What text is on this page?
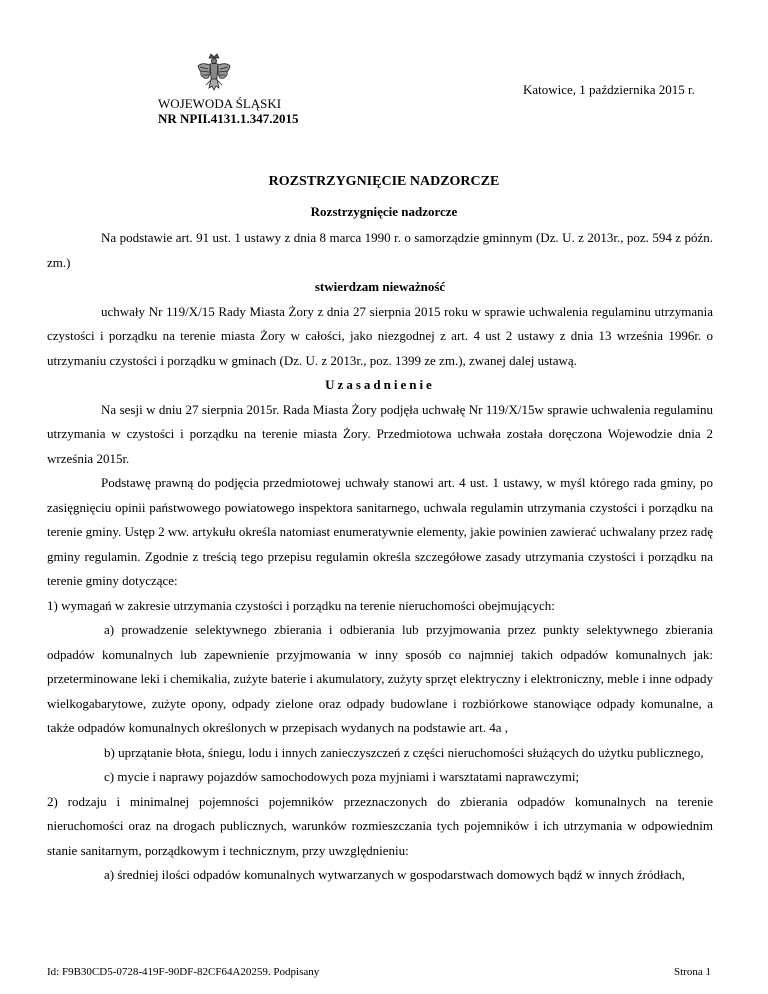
Katowice, 1 października 2015 r.
WOJEWODA ŚLĄSKI
NR NPII.4131.1.347.2015
ROZSTRZYGNIĘCIE NADZORCZE
Rozstrzygnięcie nadzorcze

Na podstawie art. 91 ust. 1 ustawy z dnia 8 marca 1990 r. o samorządzie gminnym (Dz. U. z 2013r., poz. 594 z późn. zm.)

stwierdzam nieważność

uchwały Nr 119/X/15 Rady Miasta Żory z dnia 27 sierpnia 2015 roku w sprawie uchwalenia regulaminu utrzymania czystości i porządku na terenie miasta Żory w całości, jako niezgodnej z art. 4 ust 2 ustawy z dnia 13 września 1996r. o utrzymaniu czystości i porządku w gminach (Dz. U. z 2013r., poz. 1399 ze zm.), zwanej dalej ustawą.

Uzasadnienie

Na sesji w dniu 27 sierpnia 2015r. Rada Miasta Żory podjęła uchwałę Nr 119/X/15w sprawie uchwalenia regulaminu utrzymania w czystości i porządku na terenie miasta Żory. Przedmiotowa uchwała została doręczona Wojewodzie dnia 2 września 2015r.

Podstawę prawną do podjęcia przedmiotowej uchwały stanowi art. 4 ust. 1 ustawy, w myśl którego rada gminy, po zasięgnięciu opinii państwowego powiatowego inspektora sanitarnego, uchwala regulamin utrzymania czystości i porządku na terenie gminy. Ustęp 2 ww. artykułu określa natomiast enumeratywnie elementy, jakie powinien zawierać uchwalany przez radę gminy regulamin. Zgodnie z treścią tego przepisu regulamin określa szczegółowe zasady utrzymania czystości i porządku na terenie gminy dotyczące:

1) wymagań w zakresie utrzymania czystości i porządku na terenie nieruchomości obejmujących:

a) prowadzenie selektywnego zbierania i odbierania lub przyjmowania przez punkty selektywnego zbierania odpadów komunalnych lub zapewnienie przyjmowania w inny sposób co najmniej takich odpadów komunalnych jak: przeterminowane leki i chemikalia, zużyte baterie i akumulatory, zużyty sprzęt elektryczny i elektroniczny, meble i inne odpady wielkogabarytowe, zużyte opony, odpady zielone oraz odpady budowlane i rozbiórkowe stanowiące odpady komunalne, a także odpadów komunalnych określonych w przepisach wydanych na podstawie art. 4a ,

b) uprzątanie błota, śniegu, lodu i innych zanieczyszczeń z części nieruchomości służących do użytku publicznego,

c) mycie i naprawy pojazdów samochodowych poza myjniami i warsztatami naprawczymi;

2) rodzaju i minimalnej pojemności pojemników przeznaczonych do zbierania odpadów komunalnych na terenie nieruchomości oraz na drogach publicznych, warunków rozmieszczania tych pojemników i ich utrzymania w odpowiednim stanie sanitarnym, porządkowym i technicznym, przy uwzględnieniu:

a) średniej ilości odpadów komunalnych wytwarzanych w gospodarstwach domowych bądź w innych źródłach,

Id: F9B30CD5-0728-419F-90DF-82CF64A20259. Podpisany	Strona 1
